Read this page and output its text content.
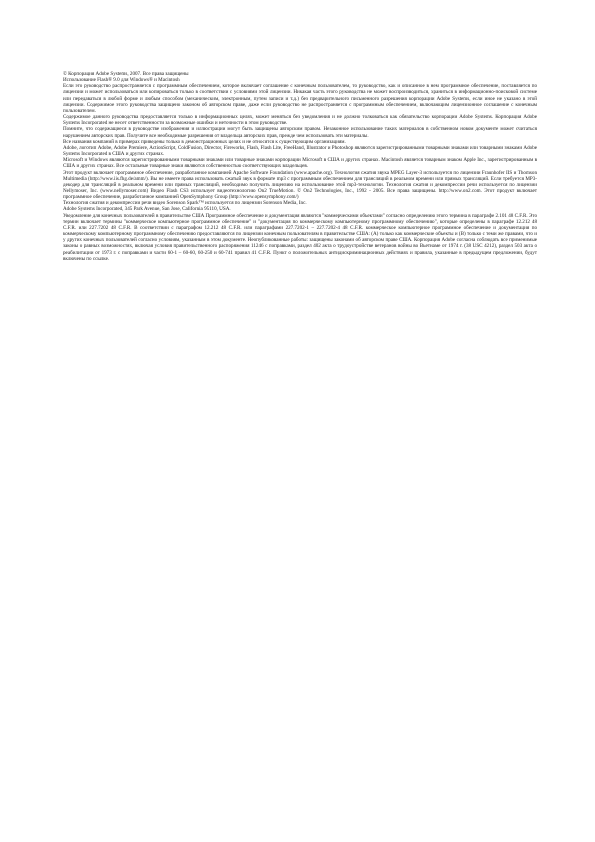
© Корпорация Adobe Systems, 2007. Все права защищены

Использование Flash® 9.0 для Windows® и Macintosh

Если это руководство распространяется с программным обеспечением, которое включает соглашение с конечным пользователем, то руководство, как и описанное в нем программное обеспечение, поставляется по лицензии и может использоваться или копироваться только в соответствии с условиями этой лицензии. Никакая часть этого руководства не может воспроизводиться, храниться в информационно-поисковой системе или передаваться в любой форме и любым способом (механическим, электронным, путем записи и т.д.) без предварительного письменного разрешения корпорации Adobe Systems, если иное не указано в этой лицензии. Содержимое этого руководства защищено законом об авторском праве, даже если руководство не распространяется с программным обеспечением, включающим лицензионное соглашение с конечным пользователем.

Содержимое данного руководства предоставляется только в информационных целях, может меняться без уведомления и не должно толковаться как обязательство корпорации Adobe Systems. Корпорация Adobe Systems Incorporated не несет ответственности за возможные ошибки и неточности в этом руководстве.

Помните, что содержащиеся в руководстве изображения и иллюстрации могут быть защищены авторским правом. Незаконное использование таких материалов в собственном новом документе может считаться нарушением авторских прав. Получите все необходимые разрешения от владельца авторских прав, прежде чем использовать эти материалы.

Все названия компаний в примерах приведены только в демонстрационных целях и не относятся к существующим организациям.

Adobe, логотип Adobe, Adobe Premiere, ActionScript, ColdFusion, Director, Fireworks, Flash, Flash Lite, FreeHand, Illustrator и Photoshop являются зарегистрированными товарными знаками или товарными знаками Adobe Systems Incorporated в США и других странах.

Microsoft и Windows являются зарегистрированными товарными знаками или товарные знаками корпорации Microsoft в США и других странах. Macintosh является товарным знаком Apple Inc., зарегистрированным в США и других странах. Все остальные товарные знаки являются собственностью соответствующих владельцев.

Этот продукт включает программное обеспечение, разработанное компанией Apache Software Foundation (www.apache.org). Технология сжатия звука MPEG Layer-3 используется по лицензии Fraunhofer IIS и Thomson Multimedia (http://www.iis.fhg.de/amm/). Вы не имеете права использовать сжатый звук в формате mp3 с программным обеспечением для трансляций в реальном времени или прямых трансляций. Если требуется MP3-декодер для трансляций в реальном времени или прямых трансляций, необходимо получить лицензию на использование этой mp3-технологии. Технология сжатия и декомпрессии речи используется по лицензии Nellymoser, Inc. (www.nellymoser.com) Видео Flash CS3 использует видеотехнологию On2 TrueMotion. © On2 Technologies, Inc., 1992 - 2005. Все права защищены. http://www.on2.com. Этот продукт включает программное обеспечение, разработанное компанией OpenSymphony Group (http://www.opensymphony.com/)

Технология сжатия и декомпрессии речи видео Sorenson Spark™ используется по лицензии Sorenson Media, Inc.

Adobe Systems Incorporated, 345 Park Avenue, San Jose, California 95110, USA.

Уведомление для конечных пользователей в правительстве США Программное обеспечение и документация являются "коммерческими объектами" согласно определению этого термина в параграфе 2.101 48 C.F.R. Это термин включает термины "коммерческое компьютерное программное обеспечение" и "документация по коммерческому компьютерному программному обеспечению", которые определены в параграфе 12.212 48 C.F.R. или 227.7202 48 C.F.R. В соответствии с параграфом 12.212 48 C.F.R. или параграфами 227.7202-1 – 227.7202-4 48 C.F.R. коммерческое компьютерное программное обеспечение и документация по коммерческому компьютерному программному обеспечению предоставляются по лицензии конечным пользователям в правительстве США: (A) только как коммерческие объекты и (B) только с теми же правами, что и у других конечных пользователей согласно условиям, указанным в этом документе. Неопубликованные работы: защищены законами об авторском праве США. Корпорация Adobe согласна соблюдать все применимые законы о равных возможностях, включая условия правительственного распоряжения 11246 с поправками, раздел 402 акта о трудоустройстве ветеранов войны во Вьетнаме от 1974 г. (38 USC 4212), раздел 503 акта о реабилитации от 1973 г. с поправками и части 60-1 – 60-60, 60-250 и 60-741 правил 41 C.F.R. Пункт о положительных антидискриминационных действиях и правила, указанные в предыдущем предложении, будут включены по ссылке.
